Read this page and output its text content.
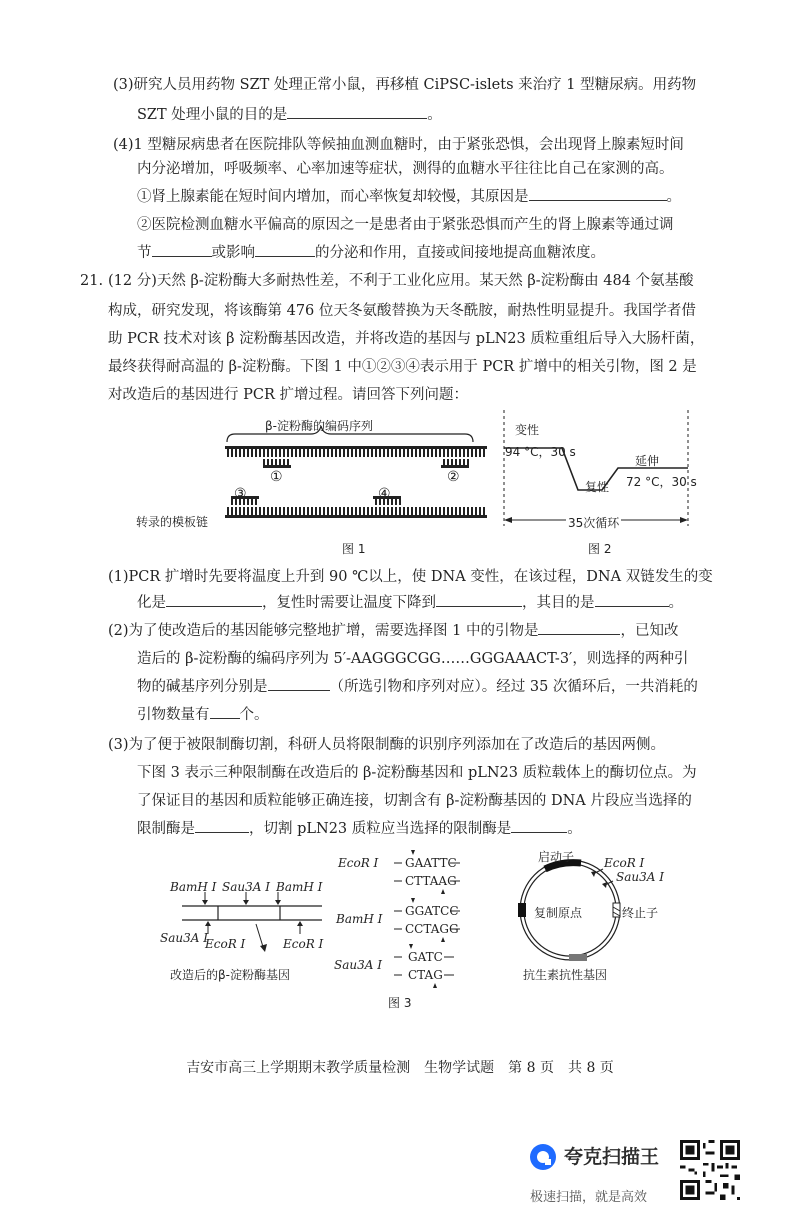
(3)研究人员用药物 SZT 处理正常小鼠，再移植 CiPSC-islets 来治疗 1 型糖尿病。用药物
SZT 处理小鼠的目的是	。
(4)1 型糖尿病患者在医院排队等候抽血测血糖时，由于紧张恐惧，会出现肾上腺素短时间
内分泌增加，呼吸频率、心率加速等症状，测得的血糖水平往往比自己在家测的高。
①肾上腺素能在短时间内增加，而心率恢复却较慢，其原因是	。
②医院检测血糖水平偏高的原因之一是患者由于紧张恐惧而产生的肾上腺素等通过调
节	或影响	的分泌和作用，直接或间接地提高血糖浓度。
21. (12 分)天然 β-淀粉酶大多耐热性差，不利于工业化应用。某天然 β-淀粉酶由 484 个氨基酸
构成，研究发现，将该酶第 476 位天冬氨酸替换为天冬酰胺，耐热性明显提升。我国学者借
助 PCR 技术对该 β 淀粉酶基因改造，并将改造的基因与 pLN23 质粒重组后导入大肠杆菌，
最终获得耐高温的 β-淀粉酶。下图 1 中①②③④表示用于 PCR 扩增中的相关引物，图 2 是
对改造后的基因进行 PCR 扩增过程。请回答下列问题：
β-淀粉酶的编码序列
①	②
③	④
转录的模板链
图 1
变性
94 °C，30 s
复性
延伸
72 °C，30 s
35次循环
图 2
(1)PCR 扩增时先要将温度上升到 90 ℃以上，使 DNA 变性，在该过程，DNA 双链发生的变
化是	，复性时需要让温度下降到	，其目的是	。
(2)为了使改造后的基因能够完整地扩增，需要选择图 1 中的引物是	，已知改
造后的 β-淀粉酶的编码序列为 5′-AAGGGCGG……GGGAAACT-3′，则选择的两种引
物的碱基序列分别是	（所选引物和序列对应）。经过 35 次循环后，一共消耗的
引物数量有 个。
(3)为了便于被限制酶切割，科研人员将限制酶的识别序列添加在了改造后的基因两侧。
下图 3 表示三种限制酶在改造后的 β-淀粉酶基因和 pLN23 质粒载体上的酶切位点。为
了保证目的基因和质粒能够正确连接，切割含有 β-淀粉酶基因的 DNA 片段应当选择的
限制酶是	，切割 pLN23 质粒应当选择的限制酶是	。
BamH Ⅰ Sau3A Ⅰ BamH Ⅰ
Sau3A Ⅰ
EcoR Ⅰ	EcoR Ⅰ
改造后的β-淀粉酶基因
EcoR Ⅰ GAATTC
CTTAAG
BamH Ⅰ
GGATCC
CCTAGG
Sau3A Ⅰ
GATC
CTAG
启动子 EcoR Ⅰ
Sau3A Ⅰ
复制原点	终止子
抗生素抗性基因
图 3
吉安市高三上学期期末教学质量检测　生物学试题　第 8 页　共 8 页
夸克扫描王
极速扫描，就是高效
